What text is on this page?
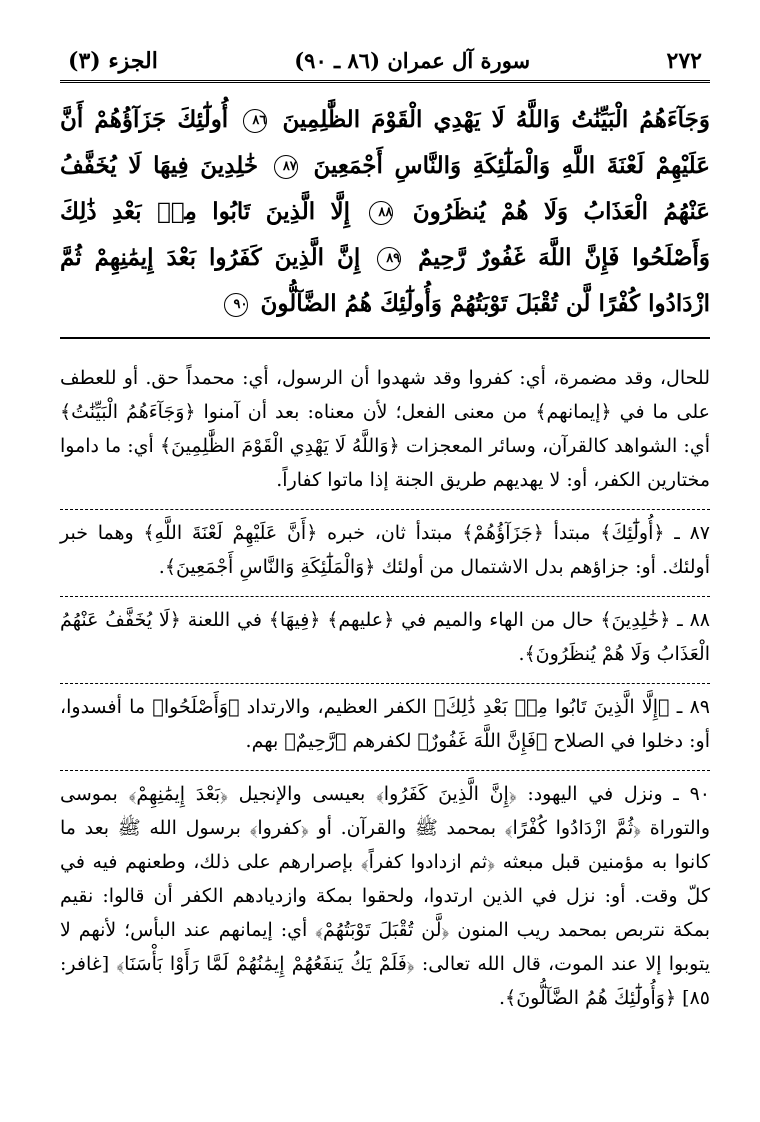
٢٧٢
سورة آل عمران (٨٦ ـ ٩٠)
الجزء (٣)
وَجَآءَهُمُ الْبَيِّنَٰتُ وَاللَّهُ لَا يَهْدِي الْقَوْمَ الظَّٰلِمِينَ ٨٦ أُولَٰٓئِكَ جَزَآؤُهُمْ أَنَّ عَلَيْهِمْ لَعْنَةَ اللَّهِ وَالْمَلَٰٓئِكَةِ وَالنَّاسِ أَجْمَعِينَ ٨٧ خَٰلِدِينَ فِيهَا لَا يُخَفَّفُ عَنْهُمُ الْعَذَابُ وَلَا هُمْ يُنظَرُونَ ٨٨ إِلَّا الَّذِينَ تَابُوا مِنۢ بَعْدِ ذَٰلِكَ وَأَصْلَحُوا فَإِنَّ اللَّهَ غَفُورٌ رَّحِيمٌ ٨٩ إِنَّ الَّذِينَ كَفَرُوا بَعْدَ إِيمَٰنِهِمْ ثُمَّ ازْدَادُوا كُفْرًا لَّن تُقْبَلَ تَوْبَتُهُمْ وَأُولَٰٓئِكَ هُمُ الضَّآلُّونَ ٩٠

للحال، وقد مضمرة، أي: كفروا وقد شهدوا أن الرسول، أي: محمداً حق. أو للعطف على ما في ﴿إيمانهم﴾ من معنى الفعل؛ لأن معناه: بعد أن آمنوا ﴿وَجَآءَهُمُ الْبَيِّنَٰتُ﴾ أي: الشواهد كالقرآن، وسائر المعجزات ﴿وَاللَّهُ لَا يَهْدِي الْقَوْمَ الظَّٰلِمِينَ﴾ أي: ما داموا مختارين الكفر، أو: لا يهديهم طريق الجنة إذا ماتوا كفاراً.

٨٧ ـ ﴿أُولَٰٓئِكَ﴾ مبتدأ ﴿جَزَآؤُهُمْ﴾ مبتدأ ثان، خبره ﴿أَنَّ عَلَيْهِمْ لَعْنَةَ اللَّهِ﴾ وهما خبر أولئك. أو: جزاؤهم بدل الاشتمال من أولئك ﴿وَالْمَلَٰٓئِكَةِ وَالنَّاسِ أَجْمَعِينَ﴾.

٨٨ ـ ﴿خَٰلِدِينَ﴾ حال من الهاء والميم في ﴿عليهم﴾ ﴿فِيهَا﴾ في اللعنة ﴿لَا يُخَفَّفُ عَنْهُمُ الْعَذَابُ وَلَا هُمْ يُنظَرُونَ﴾.

٨٩ ـ ﴿إِلَّا الَّذِينَ تَابُوا مِنۢ بَعْدِ ذَٰلِكَ﴾ الكفر العظيم، والارتداد ﴿وَأَصْلَحُوا﴾ ما أفسدوا، أو: دخلوا في الصلاح ﴿فَإِنَّ اللَّهَ غَفُورٌ﴾ لكفرهم ﴿رَّحِيمٌ﴾ بهم.

٩٠ ـ ونزل في اليهود: ﴿إِنَّ الَّذِينَ كَفَرُوا﴾ بعيسى والإنجيل ﴿بَعْدَ إِيمَٰنِهِمْ﴾ بموسى والتوراة ﴿ثُمَّ ازْدَادُوا كُفْرًا﴾ بمحمد ﷺ والقرآن. أو ﴿كفروا﴾ برسول الله ﷺ بعد ما كانوا به مؤمنين قبل مبعثه ﴿ثم ازدادوا كفراً﴾ بإصرارهم على ذلك، وطعنهم فيه في كلّ وقت. أو: نزل في الذين ارتدوا، ولحقوا بمكة وازديادهم الكفر أن قالوا: نقيم بمكة نتربص بمحمد ريب المنون ﴿لَّن تُقْبَلَ تَوْبَتُهُمْ﴾ أي: إيمانهم عند البأس؛ لأنهم لا يتوبوا إلا عند الموت، قال الله تعالى: ﴿فَلَمْ يَكُ يَنفَعُهُمْ إِيمَٰنُهُمْ لَمَّا رَأَوْا بَأْسَنَا﴾ [غافر: ٨٥] ﴿وَأُولَٰٓئِكَ هُمُ الضَّآلُّونَ﴾.
